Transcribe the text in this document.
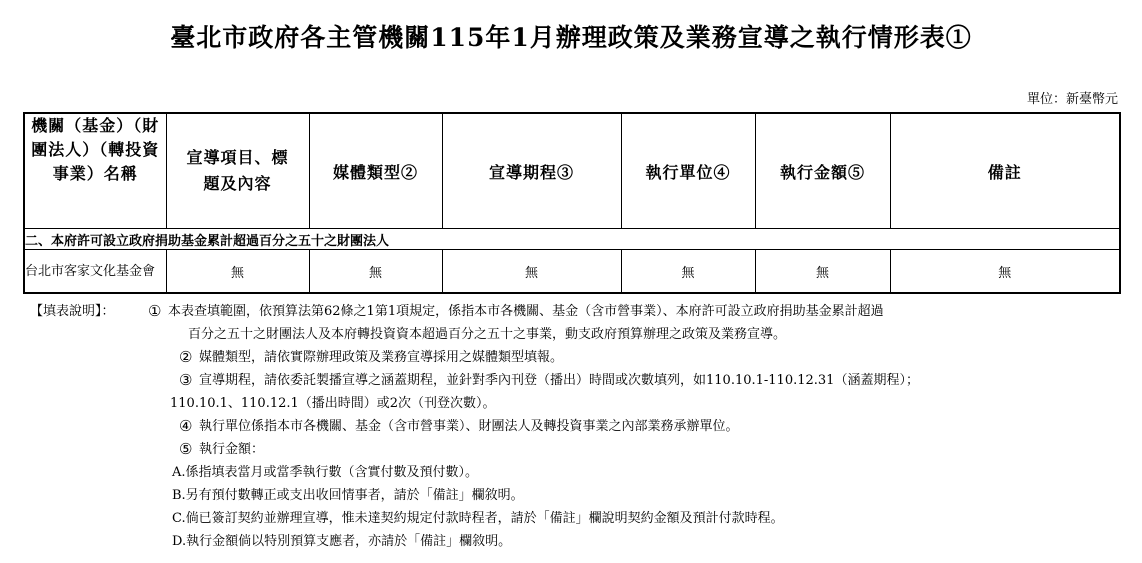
臺北市政府各主管機關115年1月辦理政策及業務宣導之執行情形表①
單位：新臺幣元
機關（基金）（財團法人）（轉投資事業）名稱	宣導項目、標題及內容	媒體類型②	宣導期程③	執行單位④	執行金額⑤	備註
二、本府許可設立政府捐助基金累計超過百分之五十之財團法人						
台北市客家文化基金會	無	無	無	無	無	無
【填表說明】：	① 本表查填範圍，依預算法第62條之1第1項規定，係指本市各機關、基金（含市營事業）、本府許可設立政府捐助基金累計超過
百分之五十之財團法人及本府轉投資資本超過百分之五十之事業，動支政府預算辦理之政策及業務宣導。
② 媒體類型，請依實際辦理政策及業務宣導採用之媒體類型填報。
③ 宣導期程，請依委託製播宣導之涵蓋期程，並針對季內刊登（播出）時間或次數填列，如110.10.1-110.12.31（涵蓋期程）；
110.10.1、110.12.1（播出時間）或2次（刊登次數）。
④ 執行單位係指本市各機關、基金（含市營事業）、財團法人及轉投資事業之內部業務承辦單位。
⑤ 執行金額：
A.係指填表當月或當季執行數（含實付數及預付數）。
B.另有預付數轉正或支出收回情事者，請於「備註」欄敘明。
C.倘已簽訂契約並辦理宣導，惟未達契約規定付款時程者，請於「備註」欄說明契約金額及預計付款時程。
D.執行金額倘以特別預算支應者，亦請於「備註」欄敘明。
